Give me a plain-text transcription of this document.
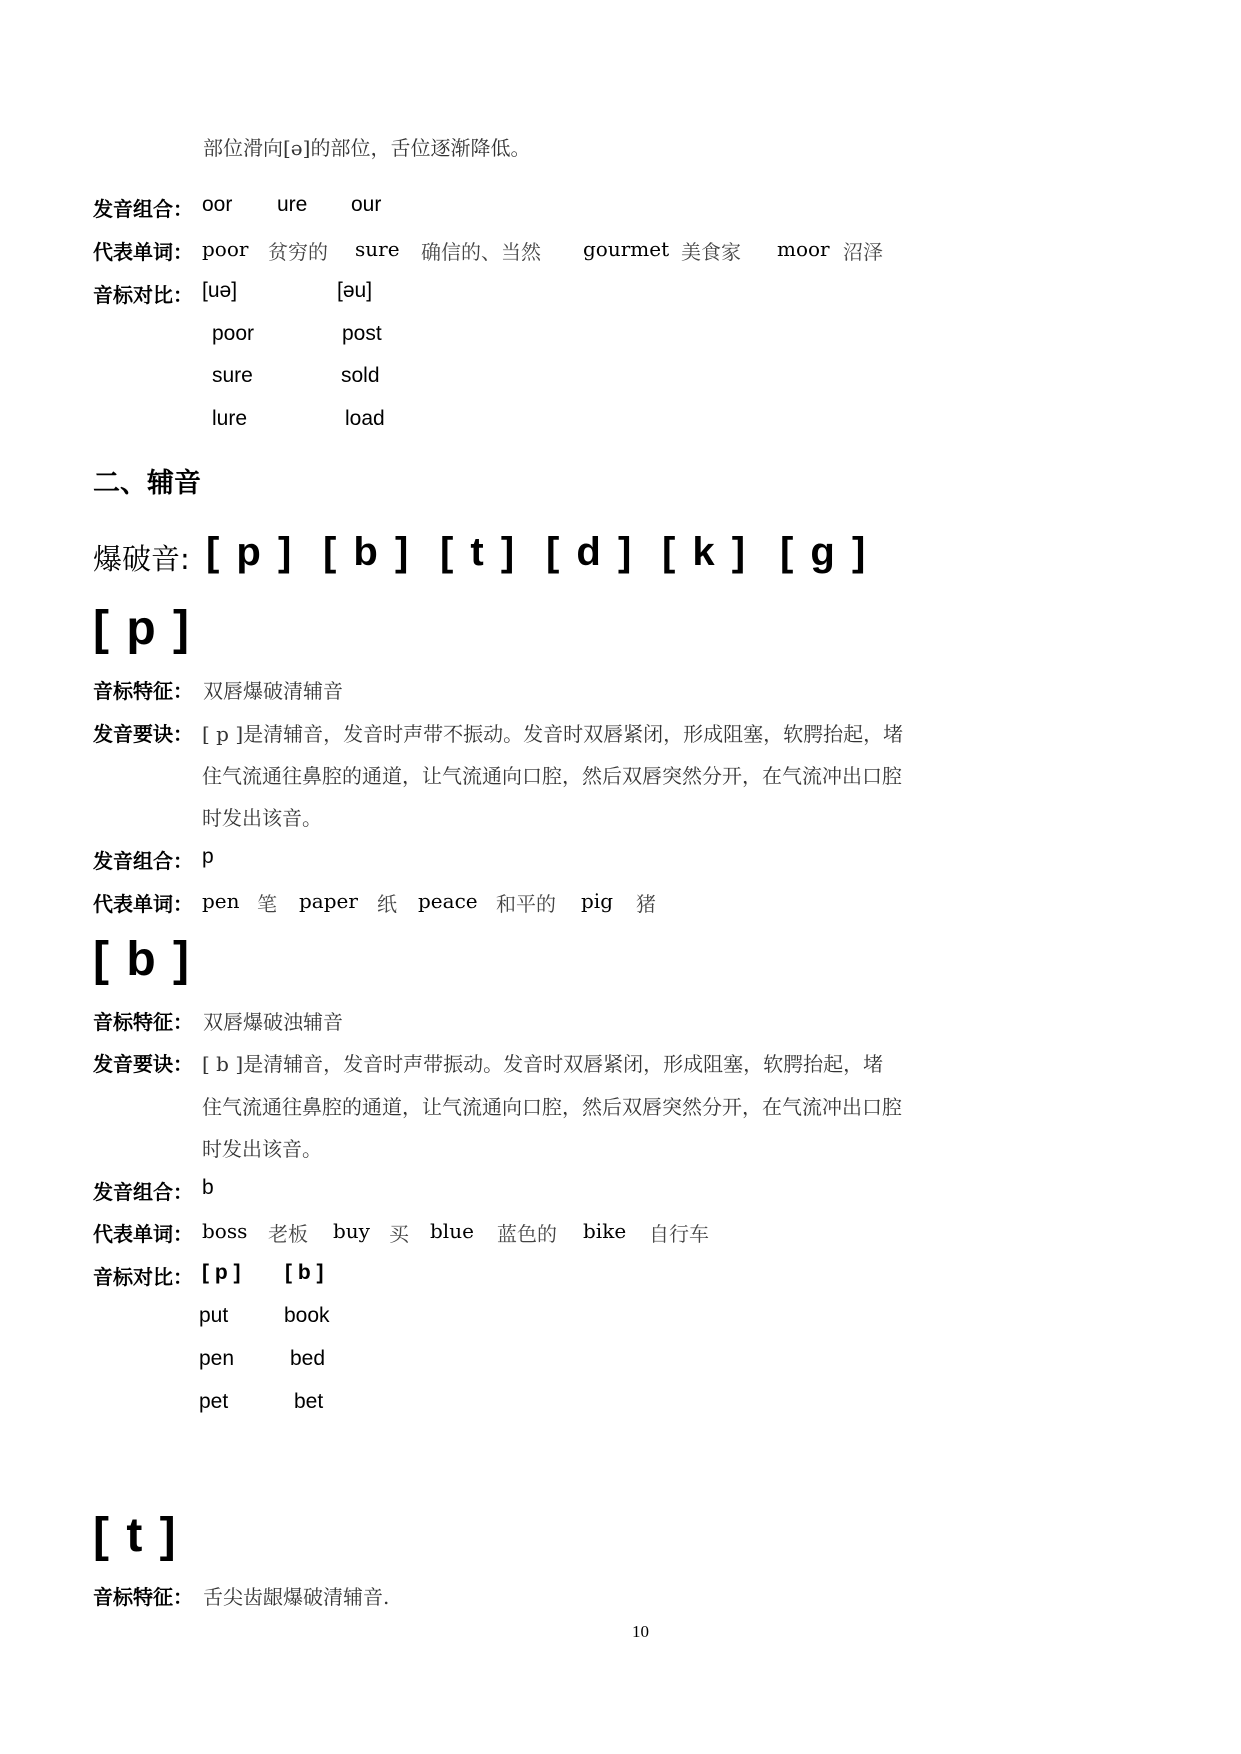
部位滑向[ə]的部位，舌位逐渐降低。
发音组合： oor ure our
代表单词： poor 贫穷的 sure 确信的、当然 gourmet 美食家 moor 沼泽
音标对比： [uə]	[əu]
poor	post
sure	sold
lure	load
二、辅音
爆破音: [ p ] [ b ] [ t ] [ d ] [ k ] [ g ]
[ p ]
音标特征： 双唇爆破清辅音
发音要诀： [ p ]是清辅音，发音时声带不振动。发音时双唇紧闭，形成阻塞，软腭抬起，堵
住气流通往鼻腔的通道，让气流通向口腔，然后双唇突然分开，在气流冲出口腔
时发出该音。
发音组合： p
代表单词： pen 笔 paper 纸 peace 和平的 pig 猪
[ b ]
音标特征： 双唇爆破浊辅音
发音要诀： [ b ]是清辅音，发音时声带振动。发音时双唇紧闭，形成阻塞，软腭抬起，堵
住气流通往鼻腔的通道，让气流通向口腔，然后双唇突然分开，在气流冲出口腔
时发出该音。
发音组合： b
代表单词： boss 老板 buy 买 blue 蓝色的 bike 自行车
音标对比： [ p ] [ b ]
put	book
pen	bed
pet	bet
[ t ]
音标特征： 舌尖齿龈爆破清辅音.
10
